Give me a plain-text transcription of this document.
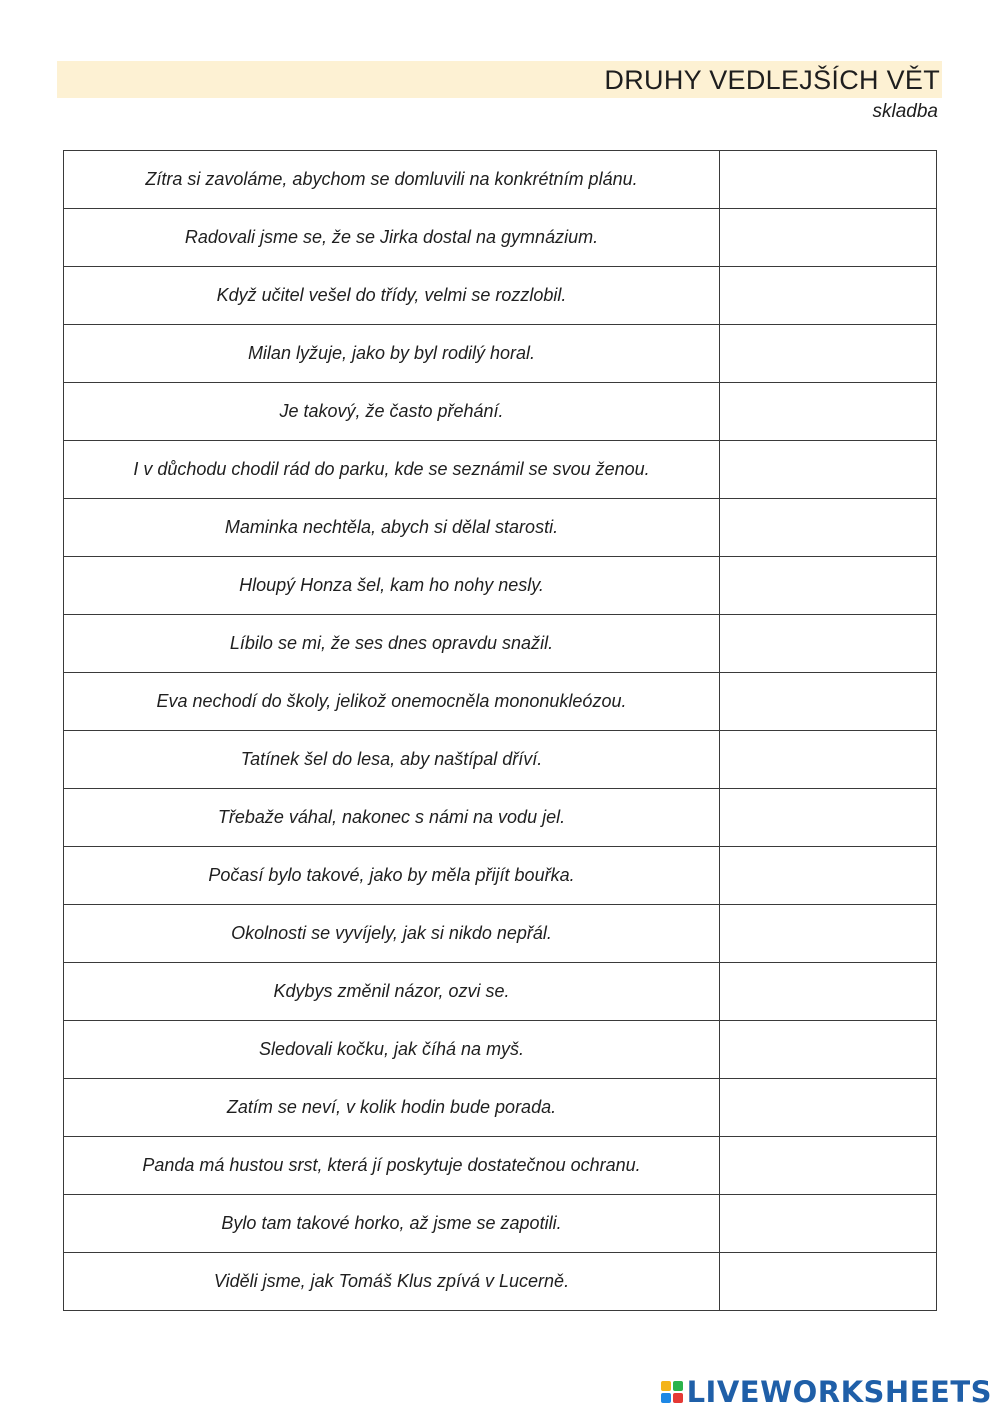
DRUHY VEDLEJŠÍCH VĚT
skladba
Zítra si zavoláme, abychom se domluvili na konkrétním plánu.	
Radovali jsme se, že se Jirka dostal na gymnázium.	
Když učitel vešel do třídy, velmi se rozzlobil.	
Milan lyžuje, jako by byl rodilý horal.	
Je takový, že často přehání.	
I v důchodu chodil rád do parku, kde se seznámil se svou ženou.	
Maminka nechtěla, abych si dělal starosti.	
Hloupý Honza šel, kam ho nohy nesly.	
Líbilo se mi, že ses dnes opravdu snažil.	
Eva nechodí do školy, jelikož onemocněla mononukleózou.	
Tatínek šel do lesa, aby naštípal dříví.	
Třebaže váhal, nakonec s námi na vodu jel.	
Počasí bylo takové, jako by měla přijít bouřka.	
Okolnosti se vyvíjely, jak si nikdo nepřál.	
Kdybys změnil názor, ozvi se.	
Sledovali kočku, jak číhá na myš.	
Zatím se neví, v kolik hodin bude porada.	
Panda má hustou srst, která jí poskytuje dostatečnou ochranu.	
Bylo tam takové horko, až jsme se zapotili.	
Viděli jsme, jak Tomáš Klus zpívá v Lucerně.	
LIVEWORKSHEETS
